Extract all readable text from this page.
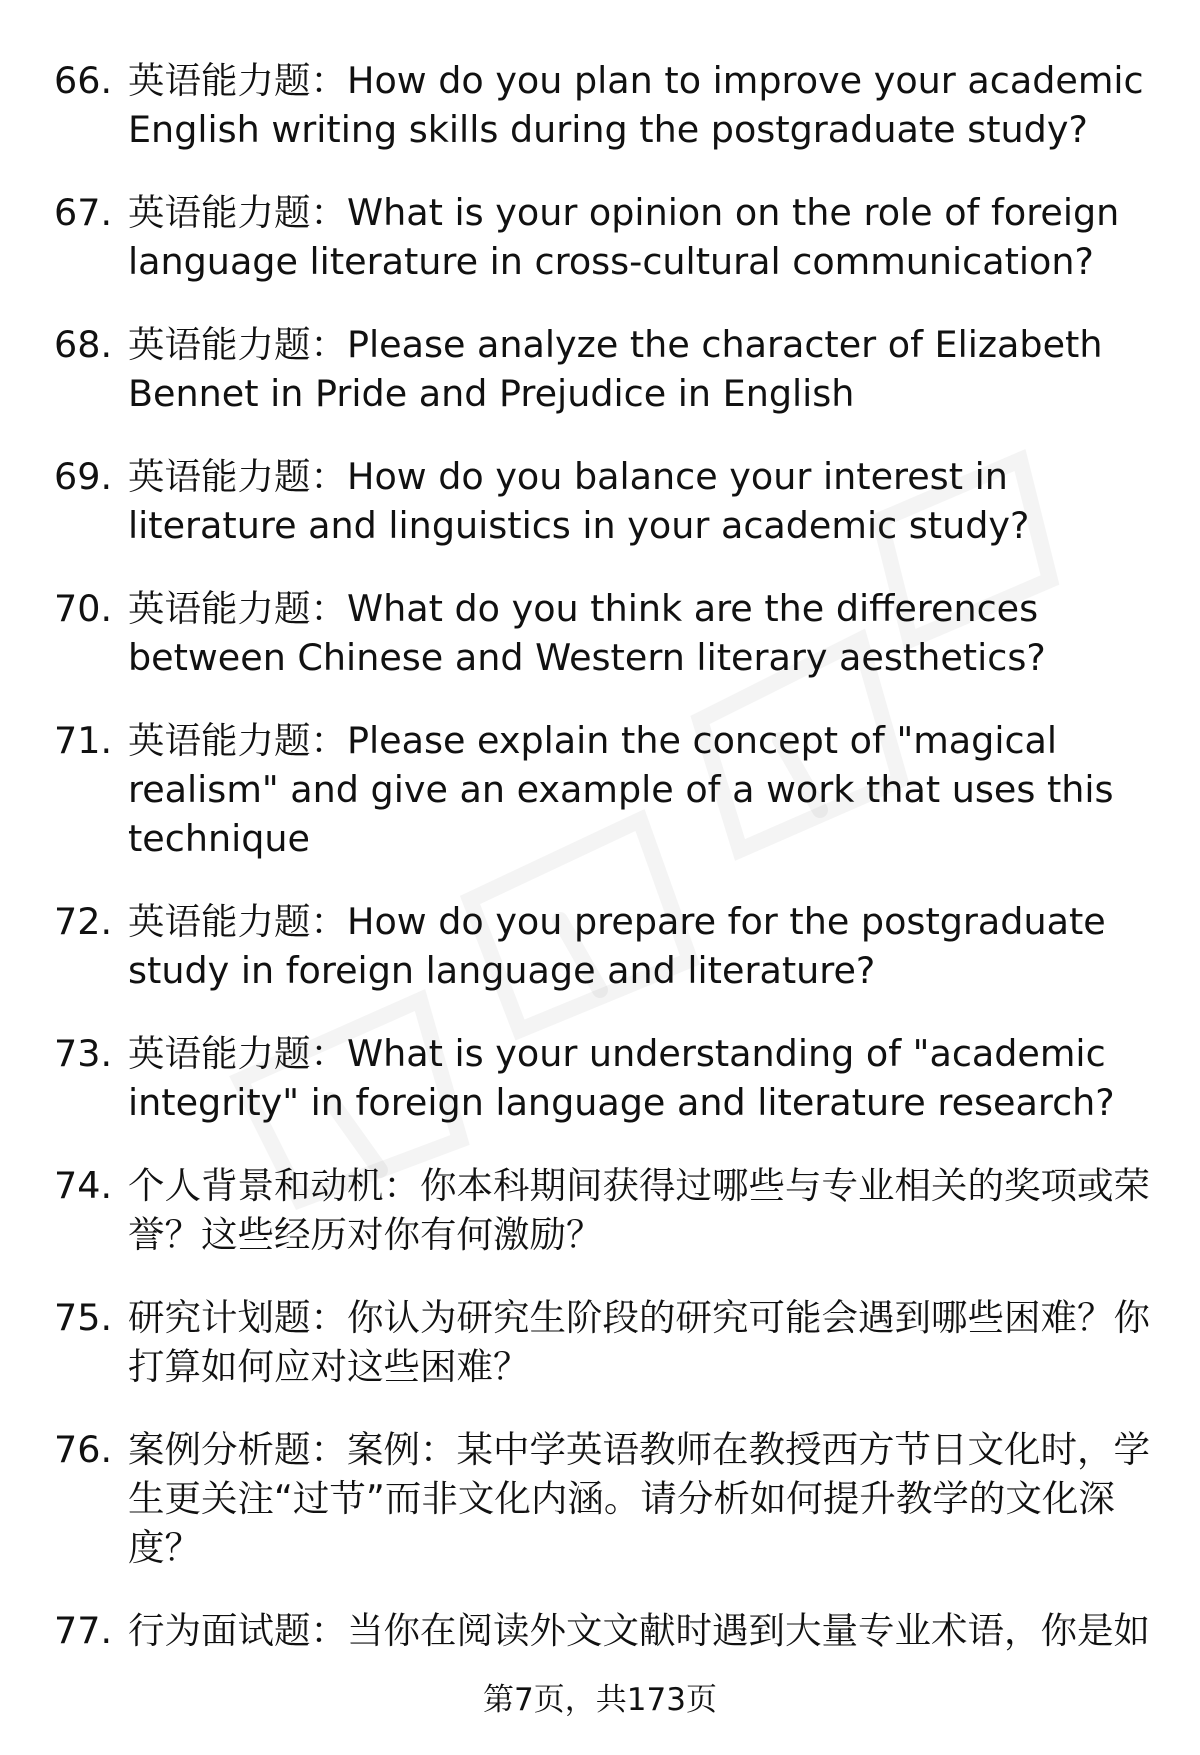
66. 英语能力题：How do you plan to improve your academic English writing skills during the postgraduate study?
67. 英语能力题：What is your opinion on the role of foreign language literature in cross-cultural communication?
68. 英语能力题：Please analyze the character of Elizabeth Bennet in Pride and Prejudice in English
69. 英语能力题：How do you balance your interest in literature and linguistics in your academic study?
70. 英语能力题：What do you think are the differences between Chinese and Western literary aesthetics?
71. 英语能力题：Please explain the concept of "magical realism" and give an example of a work that uses this technique
72. 英语能力题：How do you prepare for the postgraduate study in foreign language and literature?
73. 英语能力题：What is your understanding of "academic integrity" in foreign language and literature research?
74. 个人背景和动机：你本科期间获得过哪些与专业相关的奖项或荣誉？这些经历对你有何激励？
75. 研究计划题：你认为研究生阶段的研究可能会遇到哪些困难？你打算如何应对这些困难？
76. 案例分析题：案例：某中学英语教师在教授西方节日文化时，学生更关注“过节”而非文化内涵。请分析如何提升教学的文化深度？
77. 行为面试题：当你在阅读外文文献时遇到大量专业术语，你是如
第7页，共173页
